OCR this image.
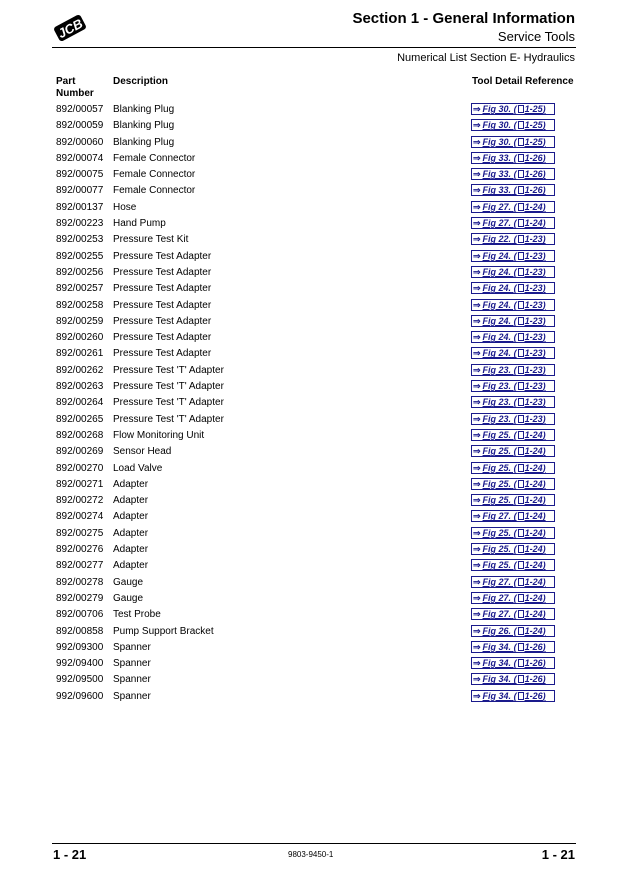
JCB	Section 1 - General Information
Service Tools
Numerical List Section E- Hydraulics
Part Number
Description	Tool Detail Reference
892/00057 Blanking Plug	⇒ Fig 30. ( 1-25)
892/00059 Blanking Plug	⇒ Fig 30. ( 1-25)
892/00060 Blanking Plug	⇒ Fig 30. ( 1-25)
892/00074 Female Connector	⇒ Fig 33. ( 1-26)
892/00075 Female Connector	⇒ Fig 33. ( 1-26)
892/00077 Female Connector	⇒ Fig 33. ( 1-26)
892/00137 Hose	⇒ Fig 27. ( 1-24)
892/00223 Hand Pump	⇒ Fig 27. ( 1-24)
892/00253 Pressure Test Kit	⇒ Fig 22. ( 1-23)
892/00255 Pressure Test Adapter	⇒ Fig 24. ( 1-23)
892/00256 Pressure Test Adapter	⇒ Fig 24. ( 1-23)
892/00257 Pressure Test Adapter	⇒ Fig 24. ( 1-23)
892/00258 Pressure Test Adapter	⇒ Fig 24. ( 1-23)
892/00259 Pressure Test Adapter	⇒ Fig 24. ( 1-23)
892/00260 Pressure Test Adapter	⇒ Fig 24. ( 1-23)
892/00261 Pressure Test Adapter	⇒ Fig 24. ( 1-23)
892/00262 Pressure Test 'T' Adapter	⇒ Fig 23. ( 1-23)
892/00263 Pressure Test 'T' Adapter	⇒ Fig 23. ( 1-23)
892/00264 Pressure Test 'T' Adapter	⇒ Fig 23. ( 1-23)
892/00265 Pressure Test 'T' Adapter	⇒ Fig 23. ( 1-23)
892/00268 Flow Monitoring Unit	⇒ Fig 25. ( 1-24)
892/00269 Sensor Head	⇒ Fig 25. ( 1-24)
892/00270 Load Valve	⇒ Fig 25. ( 1-24)
892/00271 Adapter	⇒ Fig 25. ( 1-24)
892/00272 Adapter	⇒ Fig 25. ( 1-24)
892/00274 Adapter	⇒ Fig 27. ( 1-24)
892/00275 Adapter	⇒ Fig 25. ( 1-24)
892/00276 Adapter	⇒ Fig 25. ( 1-24)
892/00277 Adapter	⇒ Fig 25. ( 1-24)
892/00278 Gauge	⇒ Fig 27. ( 1-24)
892/00279 Gauge	⇒ Fig 27. ( 1-24)
892/00706 Test Probe	⇒ Fig 27. ( 1-24)
892/00858 Pump Support Bracket	⇒ Fig 26. ( 1-24)
992/09300 Spanner	⇒ Fig 34. ( 1-26)
992/09400 Spanner	⇒ Fig 34. ( 1-26)
992/09500 Spanner	⇒ Fig 34. ( 1-26)
992/09600 Spanner	⇒ Fig 34. ( 1-26)
1 - 21	9803-9450-1	1 - 21
